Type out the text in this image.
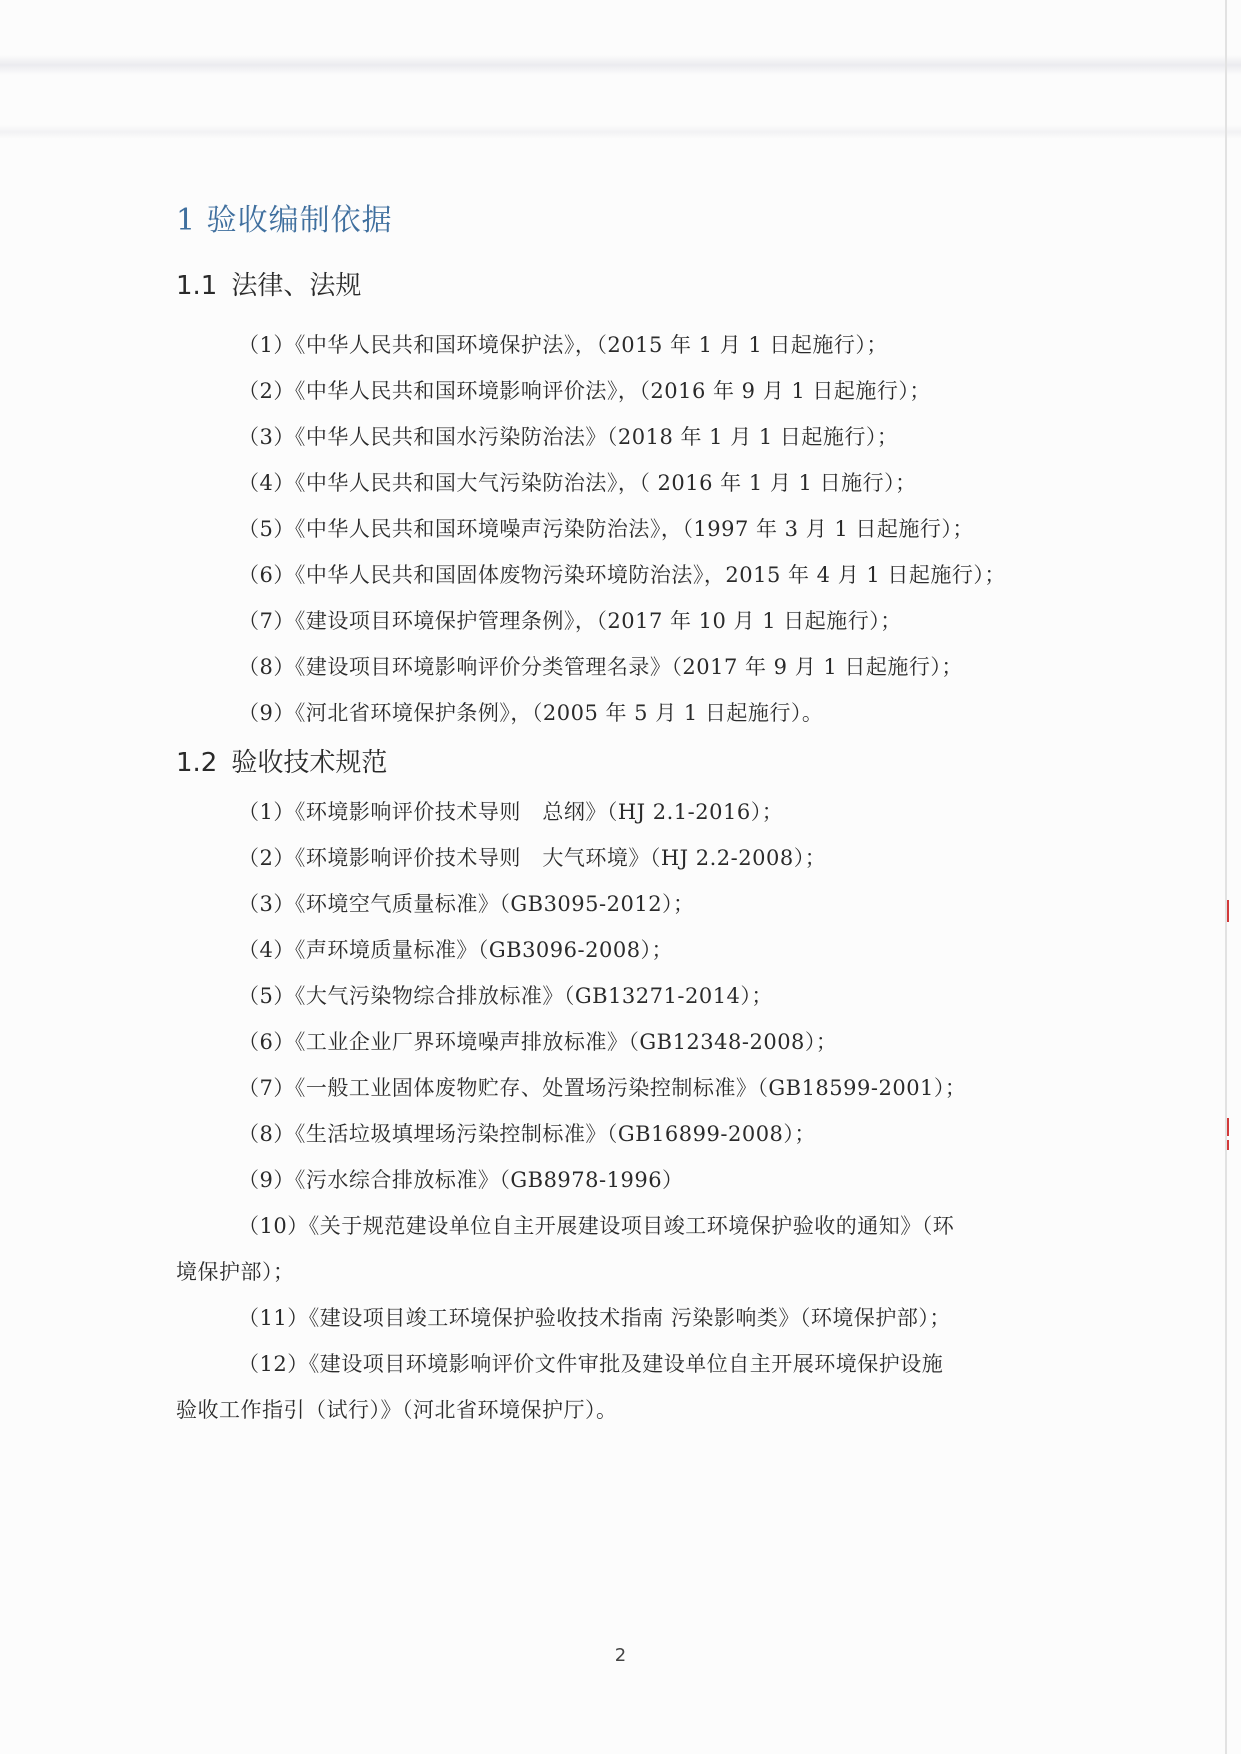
1 验收编制依据
1.1 法律、法规
（1）《中华人民共和国环境保护法》，（2015 年 1 月 1 日起施行）；
（2）《中华人民共和国环境影响评价法》，（2016 年 9 月 1 日起施行）；
（3）《中华人民共和国水污染防治法》（2018 年 1 月 1 日起施行）；
（4）《中华人民共和国大气污染防治法》，（ 2016 年 1 月 1 日施行）；
（5）《中华人民共和国环境噪声污染防治法》，（1997 年 3 月 1 日起施行）；
（6）《中华人民共和国固体废物污染环境防治法》，2015 年 4 月 1 日起施行）；
（7）《建设项目环境保护管理条例》，（2017 年 10 月 1 日起施行）；
（8）《建设项目环境影响评价分类管理名录》（2017 年 9 月 1 日起施行）；
（9）《河北省环境保护条例》，（2005 年 5 月 1 日起施行）。
1.2 验收技术规范
（1）《环境影响评价技术导则　总纲》（HJ 2.1-2016）；
（2）《环境影响评价技术导则　大气环境》（HJ 2.2-2008）；
（3）《环境空气质量标准》（GB3095-2012）；
（4）《声环境质量标准》（GB3096-2008）；
（5）《大气污染物综合排放标准》（GB13271-2014）；
（6）《工业企业厂界环境噪声排放标准》（GB12348-2008）；
（7）《一般工业固体废物贮存、处置场污染控制标准》（GB18599-2001）；
（8）《生活垃圾填埋场污染控制标准》（GB16899-2008）；
（9）《污水综合排放标准》（GB8978-1996）
（10）《关于规范建设单位自主开展建设项目竣工环境保护验收的通知》（环
境保护部）；
（11）《建设项目竣工环境保护验收技术指南 污染影响类》（环境保护部）；
（12）《建设项目环境影响评价文件审批及建设单位自主开展环境保护设施
验收工作指引（试行）》（河北省环境保护厅）。
2
